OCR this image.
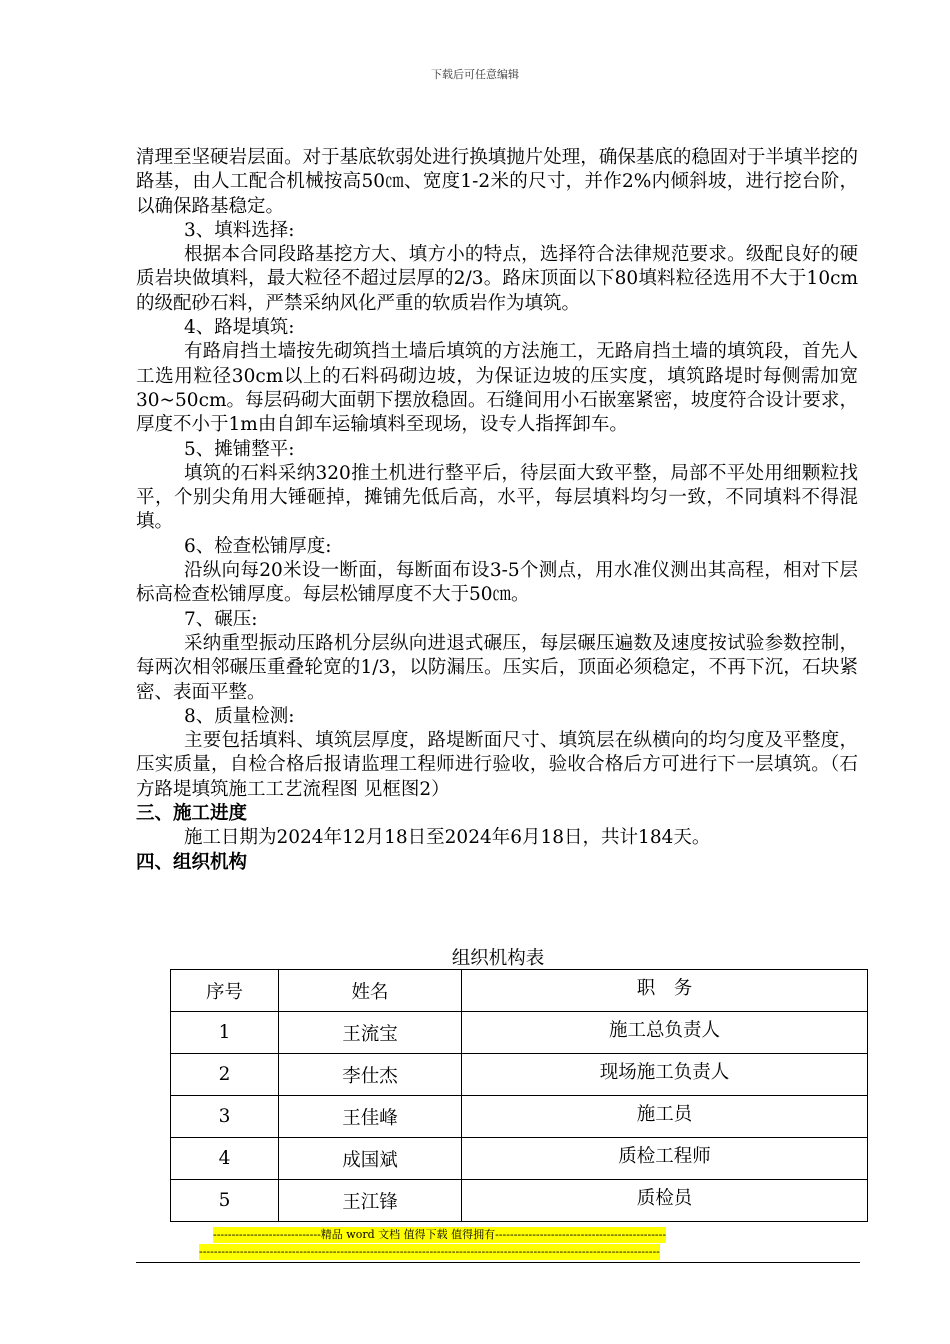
下载后可任意编辑

清理至坚硬岩层面。对于基底软弱处进行换填抛片处理，确保基底的稳固对于半填半挖的路基，由人工配合机械按高50㎝、宽度1-2米的尺寸，并作2%内倾斜坡，进行挖台阶，以确保路基稳定。

3、填料选择:

根据本合同段路基挖方大、填方小的特点，选择符合法律规范要求。级配良好的硬质岩块做填料，最大粒径不超过层厚的2/3。路床顶面以下80填料粒径选用不大于10cm的级配砂石料，严禁采纳风化严重的软质岩作为填筑。

4、路堤填筑:

有路肩挡土墙按先砌筑挡土墙后填筑的方法施工，无路肩挡土墙的填筑段，首先人工选用粒径30cm以上的石料码砌边坡，为保证边坡的压实度，填筑路堤时每侧需加宽30~50cm。每层码砌大面朝下摆放稳固。石缝间用小石嵌塞紧密，坡度符合设计要求，厚度不小于1m由自卸车运输填料至现场，设专人指挥卸车。

5、摊铺整平:

填筑的石料采纳320推土机进行整平后，待层面大致平整，局部不平处用细颗粒找平，个别尖角用大锤砸掉，摊铺先低后高，水平，每层填料均匀一致，不同填料不得混填。

6、检查松铺厚度:

沿纵向每20米设一断面，每断面布设3-5个测点，用水准仪测出其高程，相对下层标高检查松铺厚度。每层松铺厚度不大于50㎝。

7、碾压:

采纳重型振动压路机分层纵向进退式碾压，每层碾压遍数及速度按试验参数控制，每两次相邻碾压重叠轮宽的1/3，以防漏压。压实后，顶面必须稳定，不再下沉，石块紧密、表面平整。

8、质量检测:

主要包括填料、填筑层厚度，路堤断面尺寸、填筑层在纵横向的均匀度及平整度，压实质量，自检合格后报请监理工程师进行验收，验收合格后方可进行下一层填筑。（石方路堤填筑施工工艺流程图 见框图2）

三、施工进度

施工日期为2024年12月18日至2024年6月18日，共计184天。

四、组织机构

组织机构表
序号	姓名	职　务
1	王流宝	施工总负责人
2	李仕杰	现场施工负责人
3	王佳峰	施工员
4	成国斌	质检工程师
5	王江锋	质检员
-----------------------------精品 word 文档 值得下载 值得拥有----------------------------------------------
----------------------------------------------------------------------------------------------------------------------------
